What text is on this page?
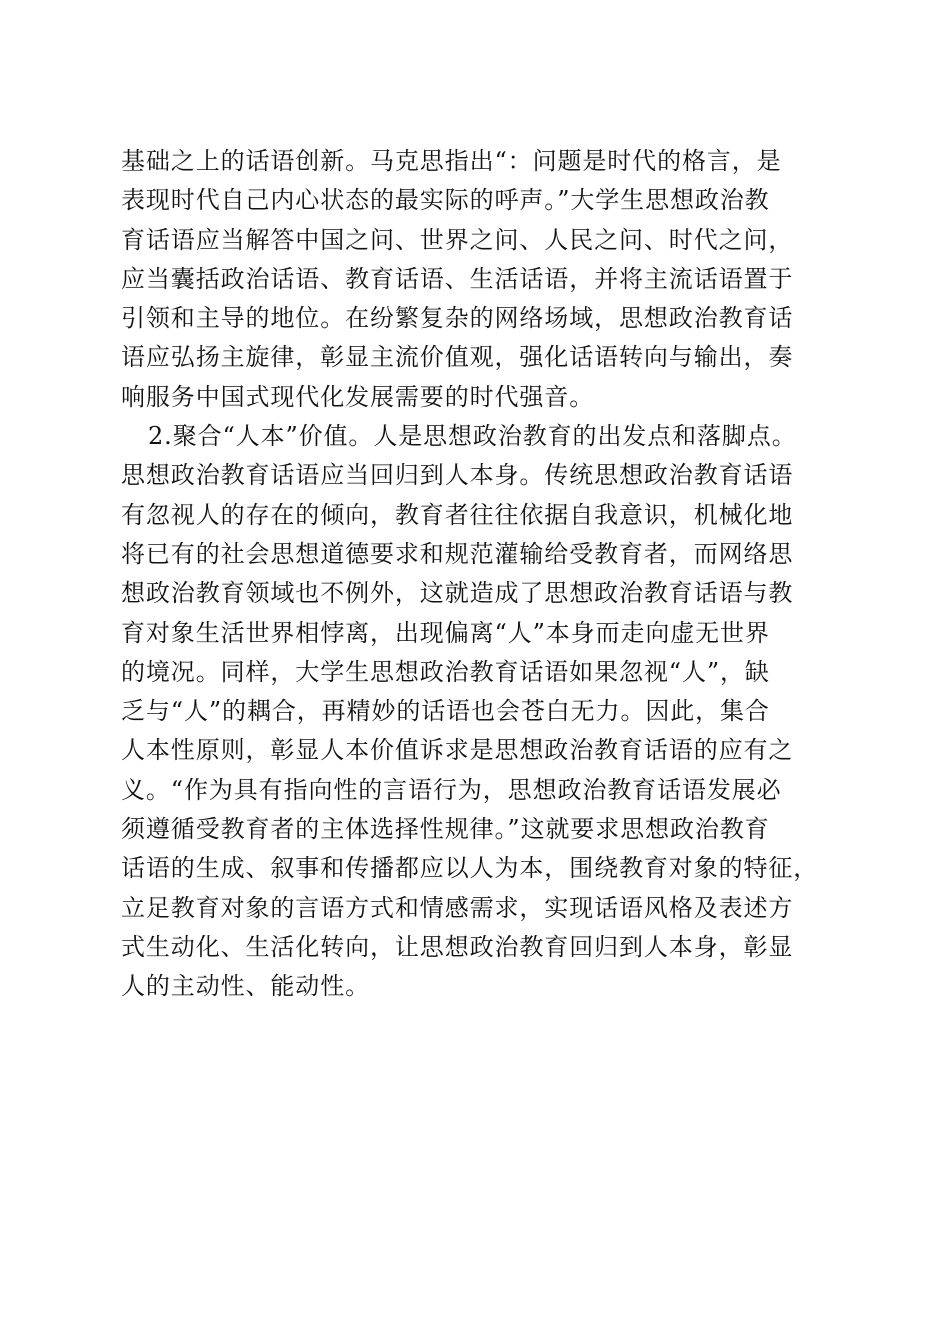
基础之上的话语创新。马克思指出“：问题是时代的格言，是
表现时代自己内心状态的最实际的呼声。”大学生思想政治教
育话语应当解答中国之问、世界之问、人民之问、时代之问，
应当囊括政治话语、教育话语、生活话语，并将主流话语置于
引领和主导的地位。在纷繁复杂的网络场域，思想政治教育话
语应弘扬主旋律，彰显主流价值观，强化话语转向与输出，奏
响服务中国式现代化发展需要的时代强音。
2.聚合“人本”价值。人是思想政治教育的出发点和落脚点。
思想政治教育话语应当回归到人本身。传统思想政治教育话语
有忽视人的存在的倾向，教育者往往依据自我意识，机械化地
将已有的社会思想道德要求和规范灌输给受教育者，而网络思
想政治教育领域也不例外，这就造成了思想政治教育话语与教
育对象生活世界相悖离，出现偏离“人”本身而走向虚无世界
的境况。同样，大学生思想政治教育话语如果忽视“人”，缺
乏与“人”的耦合，再精妙的话语也会苍白无力。因此，集合
人本性原则，彰显人本价值诉求是思想政治教育话语的应有之
义。“作为具有指向性的言语行为，思想政治教育话语发展必
须遵循受教育者的主体选择性规律。”这就要求思想政治教育
话语的生成、叙事和传播都应以人为本，围绕教育对象的特征，
立足教育对象的言语方式和情感需求，实现话语风格及表述方
式生动化、生活化转向，让思想政治教育回归到人本身，彰显
人的主动性、能动性。
